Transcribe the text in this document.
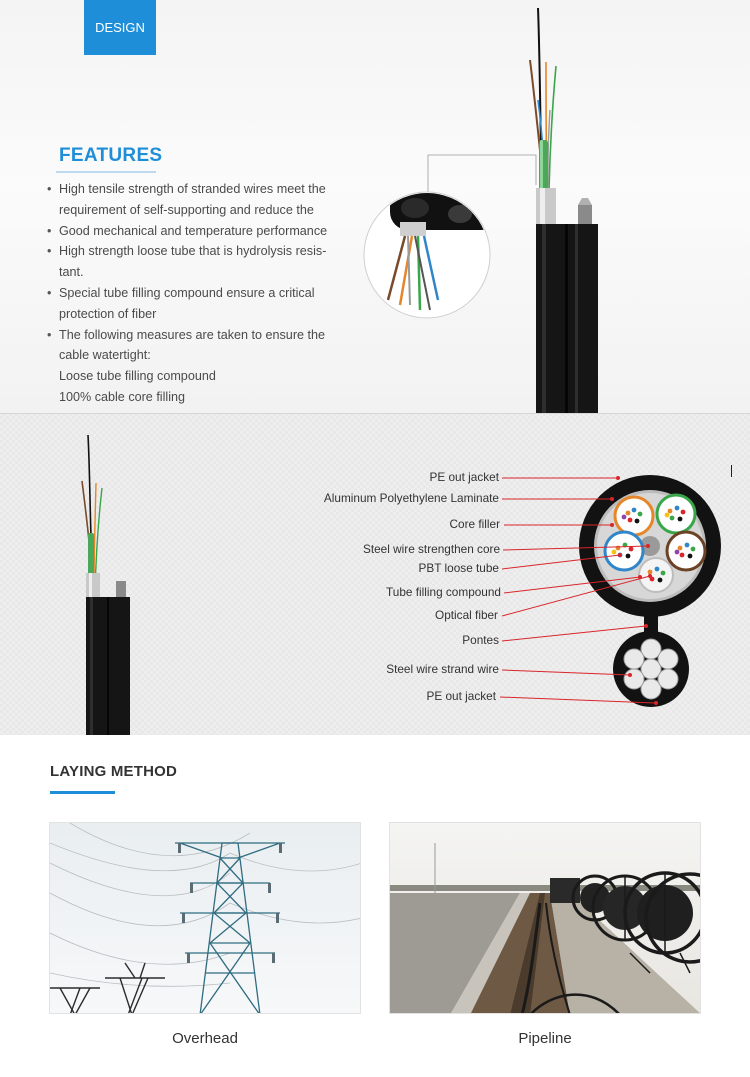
DESIGN
FEATURES
• High tensile strength of stranded wires meet the
requirement of self-supporting and reduce the
• Good mechanical and temperature performance
• High strength loose tube that is hydrolysis resis-
tant.
• Special tube filling compound ensure a critical
protection of fiber
• The following measures are taken to ensure the
cable watertight:
Loose tube filling compound
100% cable core filling
PE out jacket
Aluminum Polyethylene Laminate
Core filler
Steel wire strengthen core
PBT loose tube
Tube filling compound
Optical fiber
Pontes
Steel wire strand wire
PE out jacket
LAYING METHOD
Overhead	Pipeline
